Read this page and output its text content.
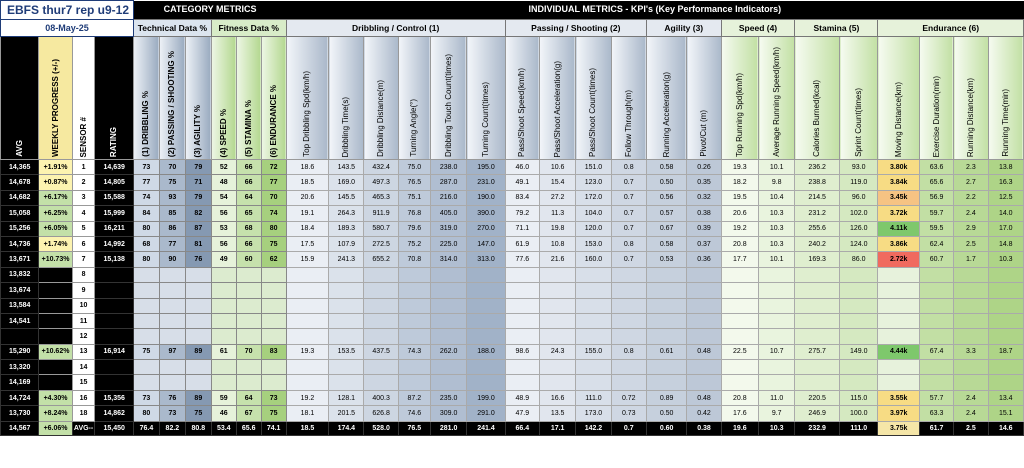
EBFS thur7 rep u9-12				CATEGORY METRICS						INDIVIDUAL METRICS - KPI's (Key Performance Indicators)																			
08-May-25				Technical Data %			Fitness Data %			Dribbling / Control (1)						Passing / Shooting (2)				Agility (3)		Speed (4)		Stamina (5)		Endurance (6)			
AVG	WEEKLY PROGRESS (+/-)	SENSOR #	RATING	(1) DRIBBLING %	(2) PASSING / SHOOTING %	(3) AGILITY %	(4) SPEED %	(5) STAMINA %	(6) ENDURANCE %	Top Dribbling Spd(km/h)	Dribbling Time(s)	Dribbling Distance(m)	Turning Angle(°)	Dribbling Touch Count(times)	Turning Count(times)	Pass/Shoot Speed(km/h)	Pass/Shoot Acceleration(g)	Pass/Shoot Count(times)	Follow Through(m)	Running Acceleration(g)	Pivot/Cut (m)	Top Running Spd(km/h)	Average Running Speed(km/h)	Calories Burned(kcal)	Sprint Count(times)	Moving Distance(km)	Exercise Duration(min)	Running Distance(km)	Running Time(min)
14,365	+1.91%	1	14,639	73	70	79	52	66	72	18.6	143.5	432.4	75.0	238.0	195.0	46.0	10.6	151.0	0.8	0.58	0.26	19.3	10.1	236.2	93.0	3.80k	63.6	2.3	13.8
14,678	+0.87%	2	14,805	77	75	71	48	66	77	18.5	169.0	497.3	76.5	287.0	231.0	49.1	15.4	123.0	0.7	0.50	0.35	18.2	9.8	238.8	119.0	3.84k	65.6	2.7	16.3
14,682	+6.17%	3	15,588	74	93	79	54	64	70	20.6	145.5	465.3	75.1	216.0	190.0	83.4	27.2	172.0	0.7	0.56	0.32	19.5	10.4	214.5	96.0	3.45k	56.9	2.2	12.5
15,058	+6.25%	4	15,999	84	85	82	56	65	74	19.1	264.3	911.9	76.8	405.0	390.0	79.2	11.3	104.0	0.7	0.57	0.38	20.6	10.3	231.2	102.0	3.72k	59.7	2.4	14.0
15,256	+6.05%	5	16,211	80	86	87	53	68	80	18.4	189.3	580.7	79.6	319.0	270.0	71.1	19.8	120.0	0.7	0.67	0.39	19.2	10.3	255.6	126.0	4.11k	59.5	2.9	17.0
14,736	+1.74%	6	14,992	68	77	81	56	66	75	17.5	107.9	272.5	75.2	225.0	147.0	61.9	10.8	153.0	0.8	0.58	0.37	20.8	10.3	240.2	124.0	3.86k	62.4	2.5	14.8
13,671	+10.73%	7	15,138	80	90	76	49	60	62	15.9	241.3	655.2	70.8	314.0	313.0	77.6	21.6	160.0	0.7	0.53	0.36	17.7	10.1	169.3	86.0	2.72k	60.7	1.7	10.3
13,832		8																											
13,674		9																											
13,584		10																											
14,541		11																											
		12																											
15,290	+10.62%	13	16,914	75	97	89	61	70	83	19.3	153.5	437.5	74.3	262.0	188.0	98.6	24.3	155.0	0.8	0.61	0.48	22.5	10.7	275.7	149.0	4.44k	67.4	3.3	18.7
13,320		14																											
14,169		15																											
14,724	+4.30%	16	15,356	73	76	89	59	64	73	19.2	128.1	400.3	87.2	235.0	199.0	48.9	16.6	111.0	0.72	0.89	0.48	20.8	11.0	220.5	115.0	3.55k	57.7	2.4	13.4
13,730	+8.24%	18	14,862	80	73	75	46	67	75	18.1	201.5	626.8	74.6	309.0	291.0	47.9	13.5	173.0	0.73	0.50	0.42	17.6	9.7	246.9	100.0	3.97k	63.3	2.4	15.1
14,567	+6.06%	AVG--	15,450	76.4	82.2	80.8	53.4	65.6	74.1	18.5	174.4	528.0	76.5	281.0	241.4	66.4	17.1	142.2	0.7	0.60	0.38	19.6	10.3	232.9	111.0	3.75k	61.7	2.5	14.6
